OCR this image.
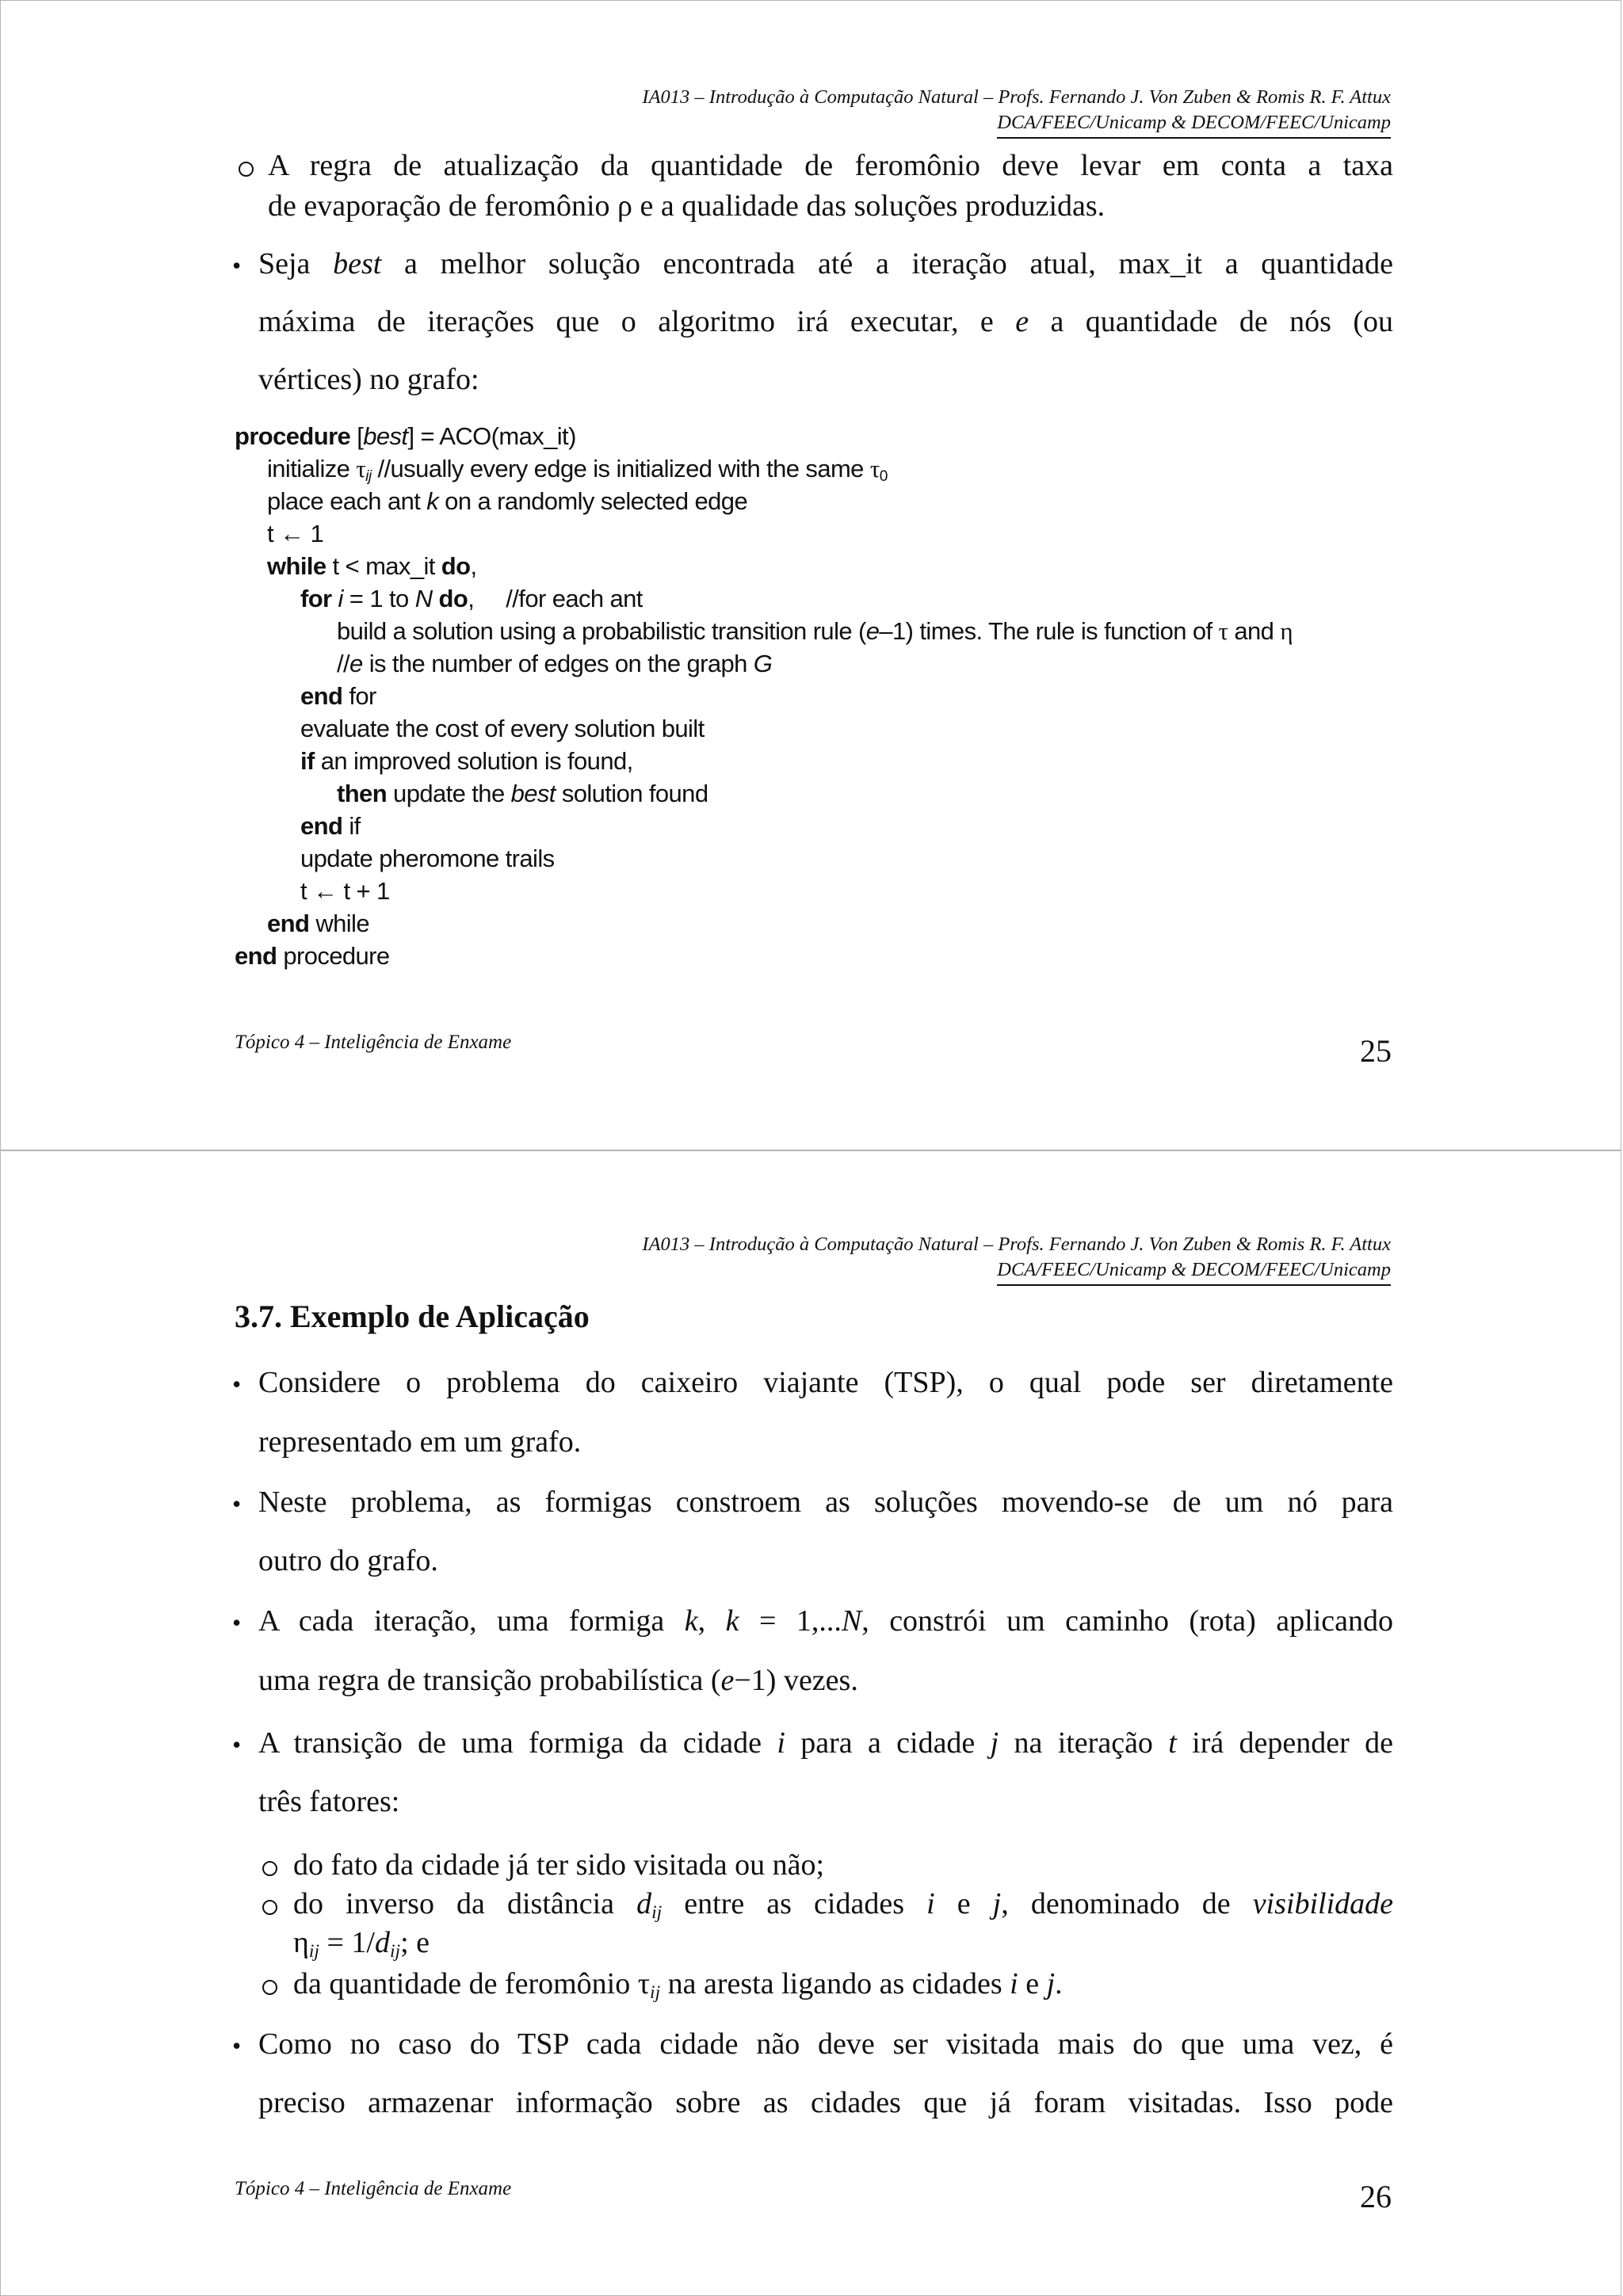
IA013 – Introdução à Computação Natural – Profs. Fernando J. Von Zuben & Romis R. F. Attux
DCA/FEEC/Unicamp & DECOM/FEEC/Unicamp
A regra de atualização da quantidade de feromônio deve levar em conta a taxa
de evaporação de feromônio ρ e a qualidade das soluções produzidas.
• Seja best a melhor solução encontrada até a iteração atual, max_it a quantidade
máxima de iterações que o algoritmo irá executar, e e a quantidade de nós (ou
vértices) no grafo:
procedure [best] = ACO(max_it)
initialize $\tau_{ij}$ //usually every edge is initialized with the same $\tau_0$
place each ant k on a randomly selected edge
t ← 1
while t < max_it do,
for i = 1 to N do,     //for each ant
build a solution using a probabilistic transition rule (e–1) times. The rule is function of τ and η
//e is the number of edges on the graph G
end for
evaluate the cost of every solution built
if an improved solution is found,
then update the best solution found
end if
update pheromone trails
t ← t + 1
end while
end procedure
Tópico 4 – Inteligência de Enxame	25
IA013 – Introdução à Computação Natural – Profs. Fernando J. Von Zuben & Romis R. F. Attux
DCA/FEEC/Unicamp & DECOM/FEEC/Unicamp
3.7. Exemplo de Aplicação
• Considere o problema do caixeiro viajante (TSP), o qual pode ser diretamente
representado em um grafo.
• Neste problema, as formigas constroem as soluções movendo-se de um nó para
outro do grafo.
• A cada iteração, uma formiga k, k = 1,...N, constrói um caminho (rota) aplicando
uma regra de transição probabilística (e−1) vezes.
• A transição de uma formiga da cidade i para a cidade j na iteração t irá depender de
três fatores:
do fato da cidade já ter sido visitada ou não;
do inverso da distância $d_{ij}$ entre as cidades i e j, denominado de visibilidade
$\eta_{ij} = 1/d_{ij}$; e
da quantidade de feromônio $\tau_{ij}$ na aresta ligando as cidades i e j.
• Como no caso do TSP cada cidade não deve ser visitada mais do que uma vez, é
preciso armazenar informação sobre as cidades que já foram visitadas. Isso pode
Tópico 4 – Inteligência de Enxame	26
